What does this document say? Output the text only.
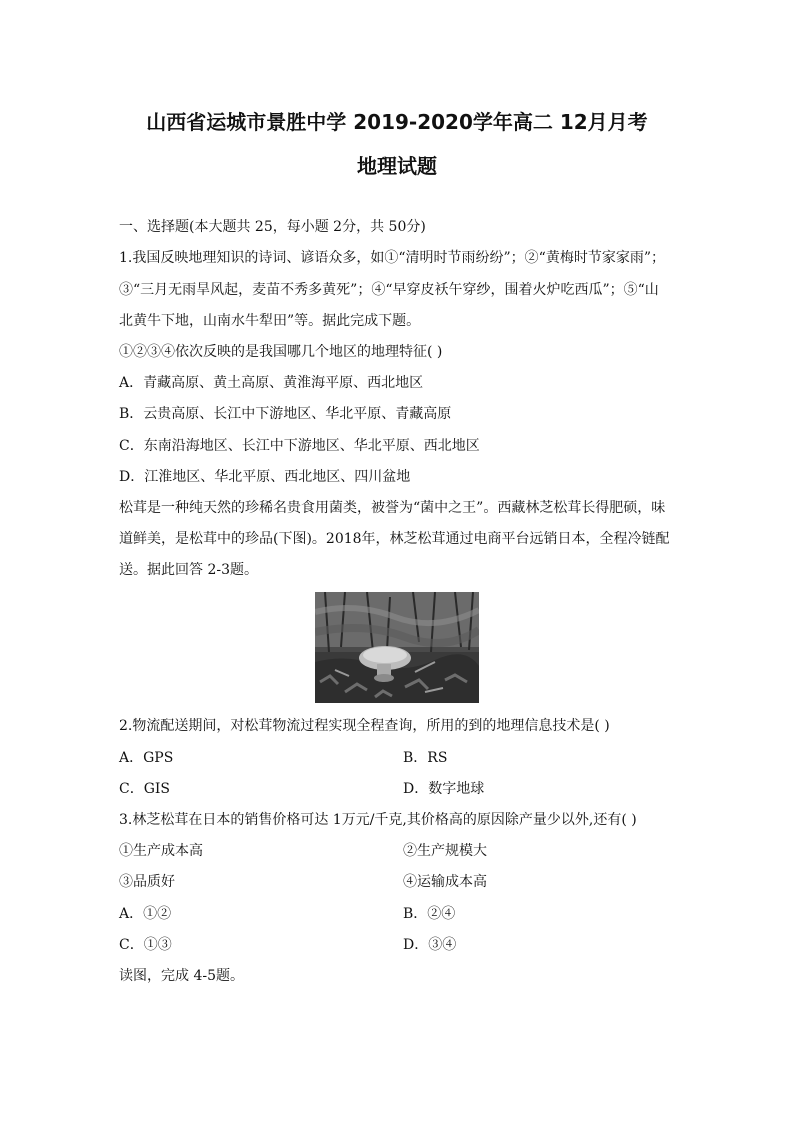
山西省运城市景胜中学 2019-2020学年高二 12月月考
地理试题
一、选择题(本大题共 25，每小题 2分，共 50分)
1.我国反映地理知识的诗词、谚语众多，如①“清明时节雨纷纷”；②“黄梅时节家家雨”；
③“三月无雨旱风起，麦苗不秀多黄死”；④“早穿皮袄午穿纱，围着火炉吃西瓜”；⑤“山
北黄牛下地，山南水牛犁田”等。据此完成下题。
①②③④依次反映的是我国哪几个地区的地理特征( )
A．青藏高原、黄土高原、黄淮海平原、西北地区
B．云贵高原、长江中下游地区、华北平原、青藏高原
C．东南沿海地区、长江中下游地区、华北平原、西北地区
D．江淮地区、华北平原、西北地区、四川盆地
松茸是一种纯天然的珍稀名贵食用菌类，被誉为“菌中之王”。西藏林芝松茸长得肥硕，味
道鲜美，是松茸中的珍品(下图)。2018年，林芝松茸通过电商平台远销日本，全程冷链配
送。据此回答 2-3题。
2.物流配送期间，对松茸物流过程实现全程查询，所用的到的地理信息技术是( )
A．GPS	B．RS
C．GIS	D．数字地球
3.林芝松茸在日本的销售价格可达 1万元/千克,其价格高的原因除产量少以外,还有( )
①生产成本高	②生产规模大
③品质好	④运输成本高
A．①②	B．②④
C．①③	D．③④
读图，完成 4-5题。
